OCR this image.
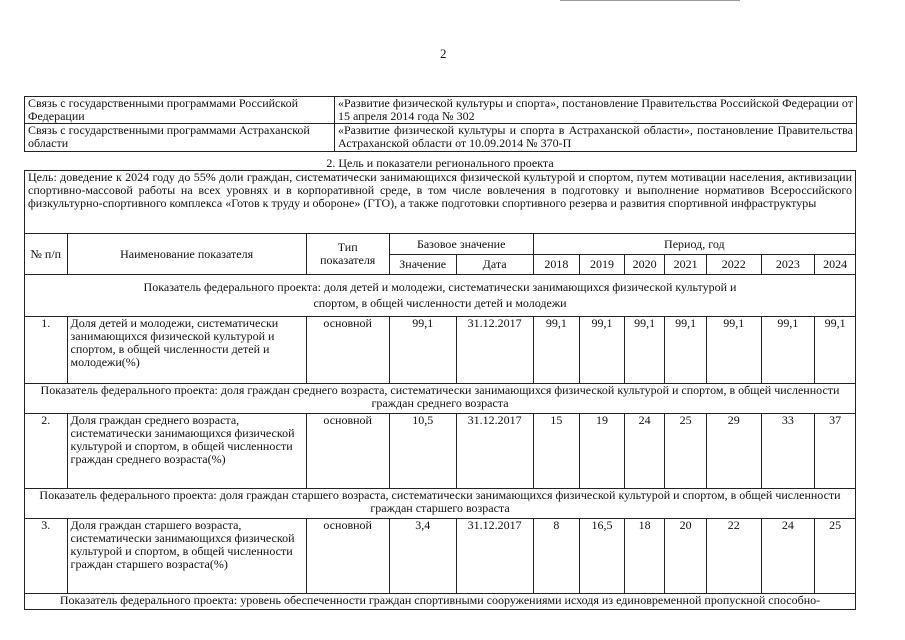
2
Связь с государственными программами Российской Федерации	«Развитие физической культуры и спорта», постановление Правительства Российской Федерации от 15 апреля 2014 года № 302
Связь с государственными программами Астраханской области	«Развитие физической культуры и спорта в Астраханской области», постановление Правительства Астраханской области от 10.09.2014 № 370-П
2. Цель и показатели регионального проекта
Цель: доведение к 2024 году до 55% доли граждан, систематически занимающихся физической культурой и спортом, путем мотивации населения, активизации спортивно-массовой работы на всех уровнях и в корпоративной среде, в том числе вовлечения в подготовку и выполнение нормативов Всероссийского физкультурно-спортивного комплекса «Готов к труду и обороне» (ГТО), а также подготовки спортивного резерва и развития спортивной инфраструктуры											
№ п/п	Наименование показателя	Тип показателя	Базовое значение		Период, год						
			Значение	Дата	2018	2019	2020	2021	2022	2023	2024
Показатель федерального проекта: доля детей и молодежи, систематически занимающихся физической культурой и спортом, в общей численности детей и молодежи											
1.	Доля детей и молодежи, систематически занимающихся физической культурой и спортом, в общей численности детей и молодежи(%)	основной	99,1	31.12.2017	99,1	99,1	99,1	99,1	99,1	99,1	99,1
Показатель федерального проекта: доля граждан среднего возраста, систематически занимающихся физической культурой и спортом, в общей численности граждан среднего возраста											
2.	Доля граждан среднего возраста, систематически занимающихся физической культурой и спортом, в общей численности граждан среднего возраста(%)	основной	10,5	31.12.2017	15	19	24	25	29	33	37
Показатель федерального проекта: доля граждан старшего возраста, систематически занимающихся физической культурой и спортом, в общей численности граждан старшего возраста											
3.	Доля граждан старшего возраста, систематически занимающихся физической культурой и спортом, в общей численности граждан старшего возраста(%)	основной	3,4	31.12.2017	8	16,5	18	20	22	24	25
Показатель федерального проекта: уровень обеспеченности граждан спортивными сооружениями исходя из единовременной пропускной способно-											
